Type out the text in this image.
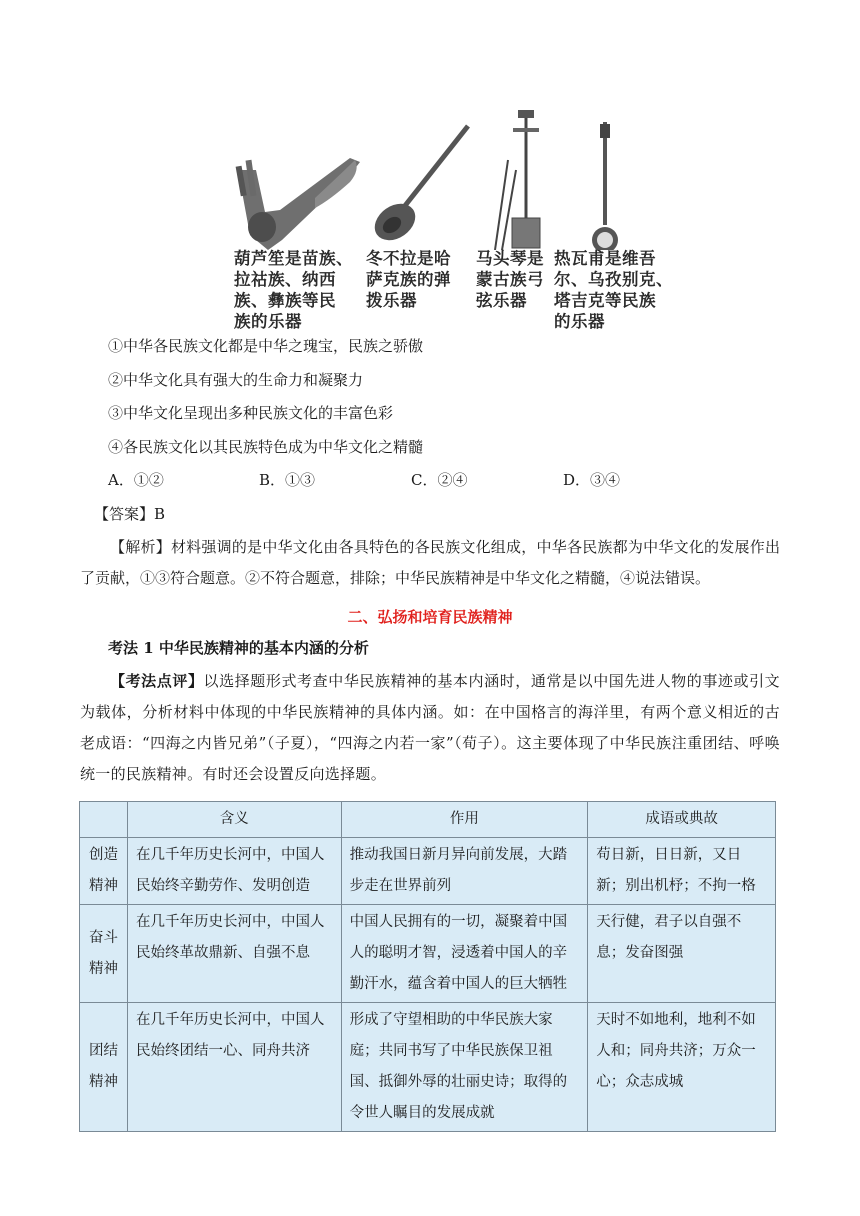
葫芦笙是苗族、
拉祜族、纳西
族、彝族等民
族的乐器
冬不拉是哈
萨克族的弹
拨乐器
马头琴是
蒙古族弓
弦乐器
热瓦甫是维吾
尔、乌孜别克、
塔吉克等民族
的乐器
①中华各民族文化都是中华之瑰宝，民族之骄傲
②中华文化具有强大的生命力和凝聚力
③中华文化呈现出多种民族文化的丰富色彩
④各民族文化以其民族特色成为中华文化之精髓
A．①②	B．①③	C．②④	D．③④
【答案】B
【解析】材料强调的是中华文化由各具特色的各民族文化组成，中华各民族都为中华文化的发展作出了贡献，①③符合题意。②不符合题意，排除；中华民族精神是中华文化之精髓，④说法错误。
二、弘扬和培育民族精神
考法 1 中华民族精神的基本内涵的分析
【考法点评】以选择题形式考查中华民族精神的基本内涵时，通常是以中国先进人物的事迹或引文为载体，分析材料中体现的中华民族精神的具体内涵。如：在中国格言的海洋里，有两个意义相近的古老成语：“四海之内皆兄弟”（子夏），“四海之内若一家”（荀子）。这主要体现了中华民族注重团结、呼唤统一的民族精神。有时还会设置反向选择题。
	含义	作用	成语或典故
创造精神	在几千年历史长河中，中国人民始终辛勤劳作、发明创造	推动我国日新月异向前发展，大踏步走在世界前列	苟日新，日日新，又日新；别出机杼；不拘一格
奋斗精神	在几千年历史长河中，中国人民始终革故鼎新、自强不息	中国人民拥有的一切，凝聚着中国人的聪明才智，浸透着中国人的辛勤汗水，蕴含着中国人的巨大牺牲	天行健，君子以自强不息；发奋图强
团结精神	在几千年历史长河中，中国人民始终团结一心、同舟共济	形成了守望相助的中华民族大家庭；共同书写了中华民族保卫祖国、抵御外辱的壮丽史诗；取得的令世人瞩目的发展成就	天时不如地利，地利不如人和；同舟共济；万众一心；众志成城
